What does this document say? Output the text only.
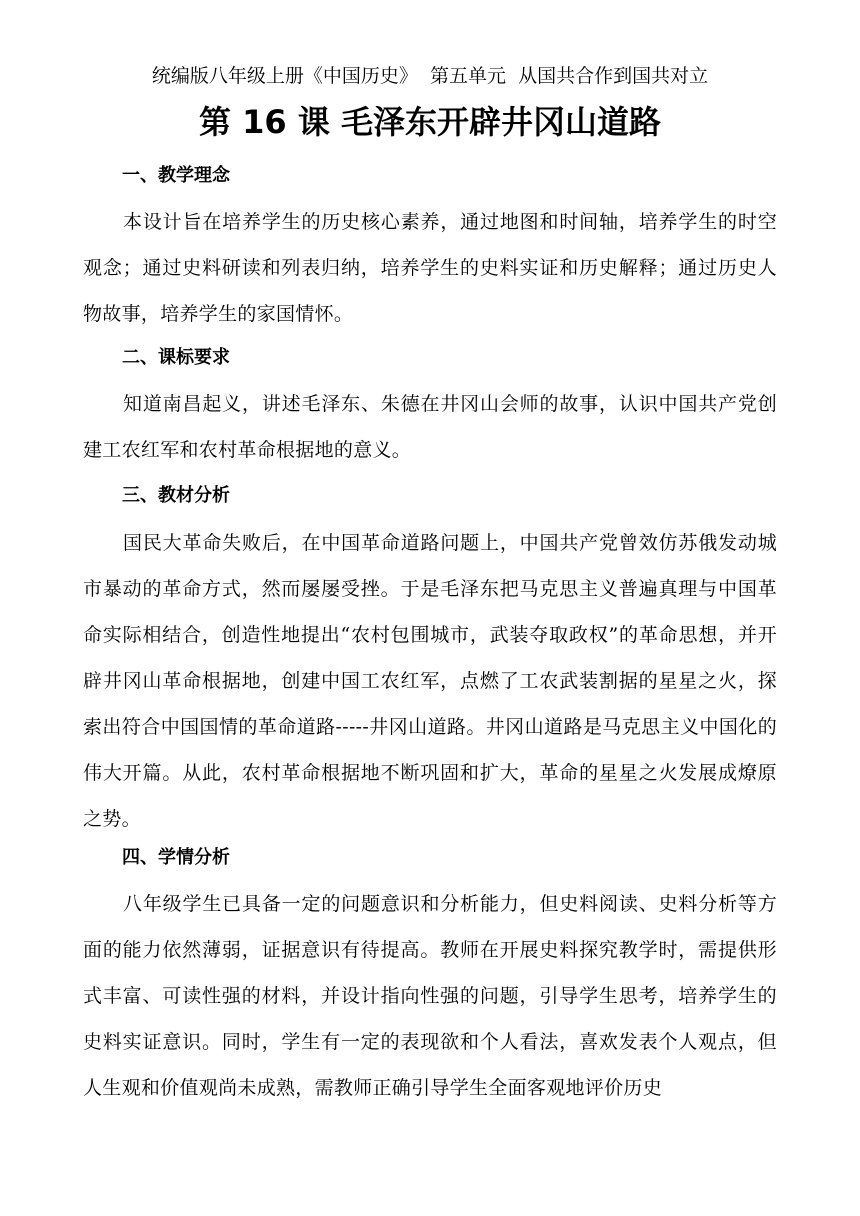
统编版八年级上册《中国历史》  第五单元  从国共合作到国共对立
第 16 课 毛泽东开辟井冈山道路
一、教学理念
本设计旨在培养学生的历史核心素养，通过地图和时间轴，培养学生的时空观念；通过史料研读和列表归纳，培养学生的史料实证和历史解释；通过历史人物故事，培养学生的家国情怀。
二、课标要求
知道南昌起义，讲述毛泽东、朱德在井冈山会师的故事，认识中国共产党创建工农红军和农村革命根据地的意义。
三、教材分析
国民大革命失败后，在中国革命道路问题上，中国共产党曾效仿苏俄发动城市暴动的革命方式，然而屡屡受挫。于是毛泽东把马克思主义普遍真理与中国革命实际相结合，创造性地提出“农村包围城市，武装夺取政权”的革命思想，并开辟井冈山革命根据地，创建中国工农红军，点燃了工农武装割据的星星之火，探索出符合中国国情的革命道路-----井冈山道路。井冈山道路是马克思主义中国化的伟大开篇。从此，农村革命根据地不断巩固和扩大，革命的星星之火发展成燎原之势。
四、学情分析
八年级学生已具备一定的问题意识和分析能力，但史料阅读、史料分析等方面的能力依然薄弱，证据意识有待提高。教师在开展史料探究教学时，需提供形式丰富、可读性强的材料，并设计指向性强的问题，引导学生思考，培养学生的史料实证意识。同时，学生有一定的表现欲和个人看法，喜欢发表个人观点，但人生观和价值观尚未成熟，需教师正确引导学生全面客观地评价历史
